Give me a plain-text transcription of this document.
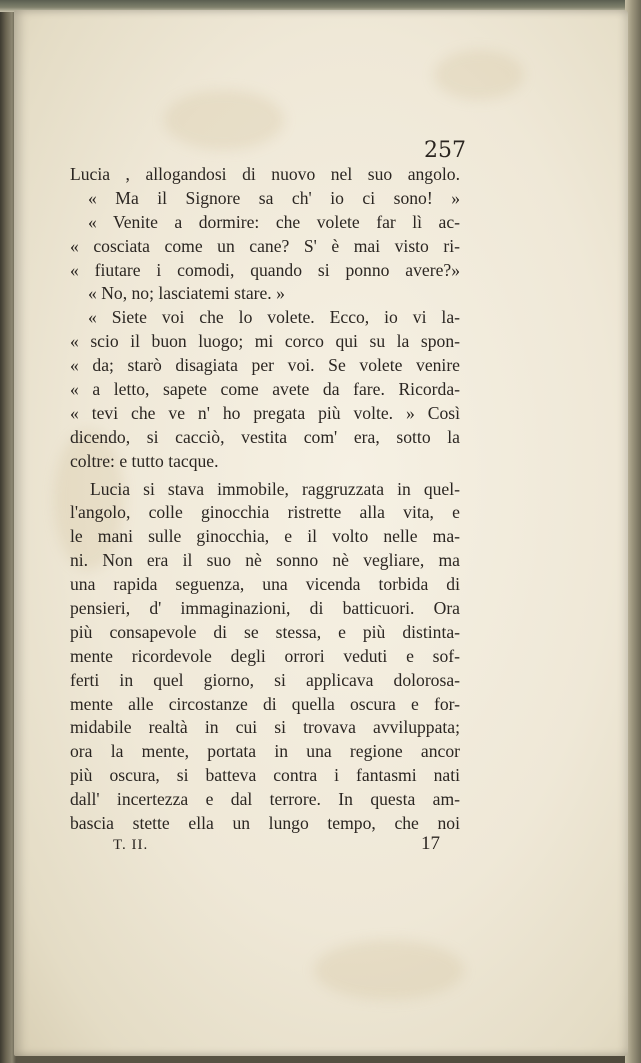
257
Lucia , allogandosi di nuovo nel suo angolo.
« Ma il Signore sa ch' io ci sono! »
« Venite a dormire: che volete far lì ac-
« cosciata come un cane? S' è mai visto ri-
« fiutare i comodi, quando si ponno avere?»
« No, no; lasciatemi stare. »
« Siete voi che lo volete. Ecco, io vi la-
« scio il buon luogo; mi corco qui su la spon-
« da; starò disagiata per voi. Se volete venire
« a letto, sapete come avete da fare. Ricorda-
« tevi che ve n' ho pregata più volte. » Così
dicendo, si cacciò, vestita com' era, sotto la
coltre: e tutto tacque.
Lucia si stava immobile, raggruzzata in quel-
l'angolo, colle ginocchia ristrette alla vita, e
le mani sulle ginocchia, e il volto nelle ma-
ni. Non era il suo nè sonno nè vegliare, ma
una rapida seguenza, una vicenda torbida di
pensieri, d' immaginazioni, di batticuori. Ora
più consapevole di se stessa, e più distinta-
mente ricordevole degli orrori veduti e sof-
ferti in quel giorno, si applicava dolorosa-
mente alle circostanze di quella oscura e for-
midabile realtà in cui si trovava avviluppata;
ora la mente, portata in una regione ancor
più oscura, si batteva contra i fantasmi nati
dall' incertezza e dal terrore. In questa am-
bascia stette ella un lungo tempo, che noi
T. II.	17
